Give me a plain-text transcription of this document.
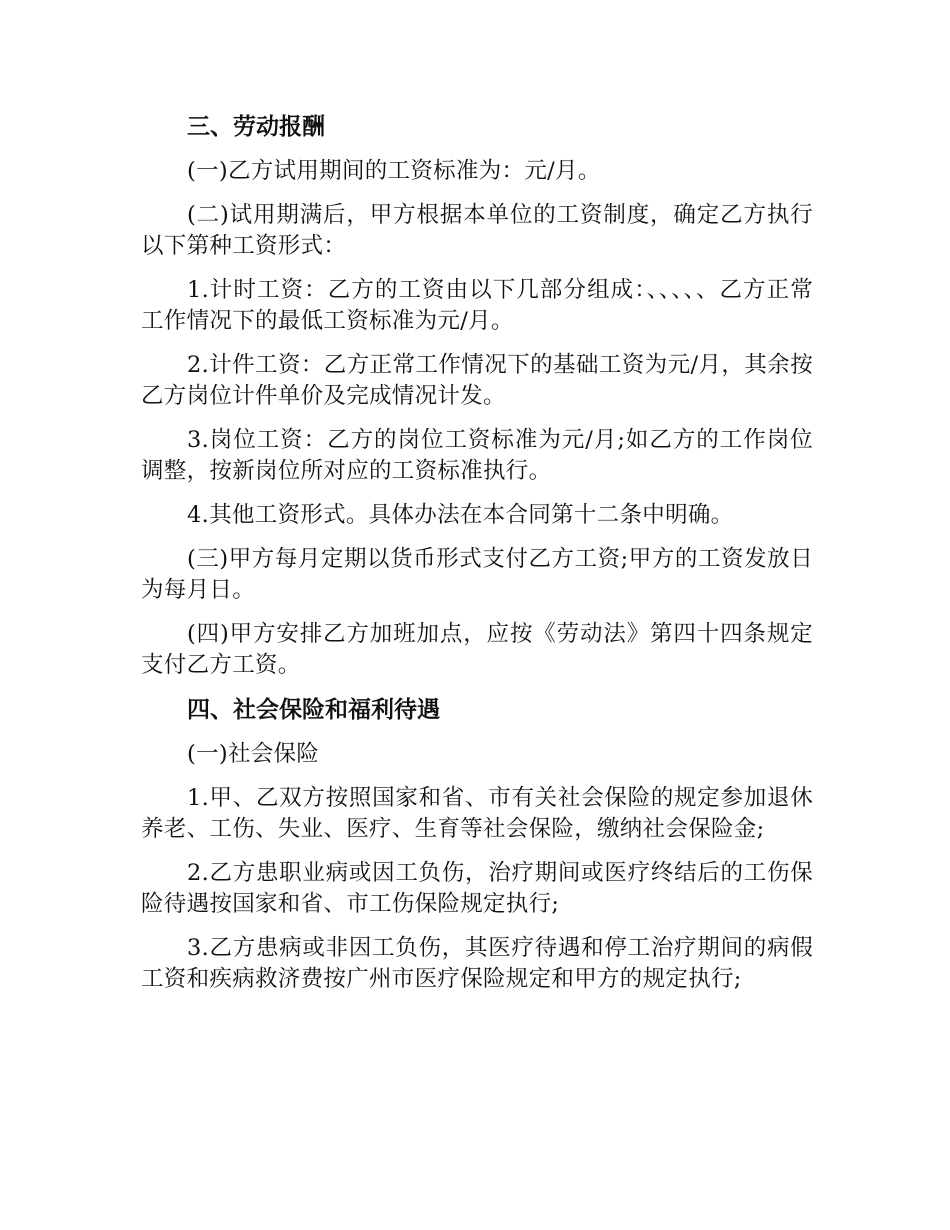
三、劳动报酬

(一)乙方试用期间的工资标准为：元/月。

(二)试用期满后，甲方根据本单位的工资制度，确定乙方执行以下第种工资形式：

1.计时工资：乙方的工资由以下几部分组成：、、、、、乙方正常工作情况下的最低工资标准为元/月。

2.计件工资：乙方正常工作情况下的基础工资为元/月，其余按乙方岗位计件单价及完成情况计发。

3.岗位工资：乙方的岗位工资标准为元/月;如乙方的工作岗位调整，按新岗位所对应的工资标准执行。

4.其他工资形式。具体办法在本合同第十二条中明确。

(三)甲方每月定期以货币形式支付乙方工资;甲方的工资发放日为每月日。

(四)甲方安排乙方加班加点，应按《劳动法》第四十四条规定支付乙方工资。

四、社会保险和福利待遇

(一)社会保险

1.甲、乙双方按照国家和省、市有关社会保险的规定参加退休养老、工伤、失业、医疗、生育等社会保险，缴纳社会保险金;

2.乙方患职业病或因工负伤，治疗期间或医疗终结后的工伤保险待遇按国家和省、市工伤保险规定执行;

3.乙方患病或非因工负伤，其医疗待遇和停工治疗期间的病假工资和疾病救济费按广州市医疗保险规定和甲方的规定执行;
